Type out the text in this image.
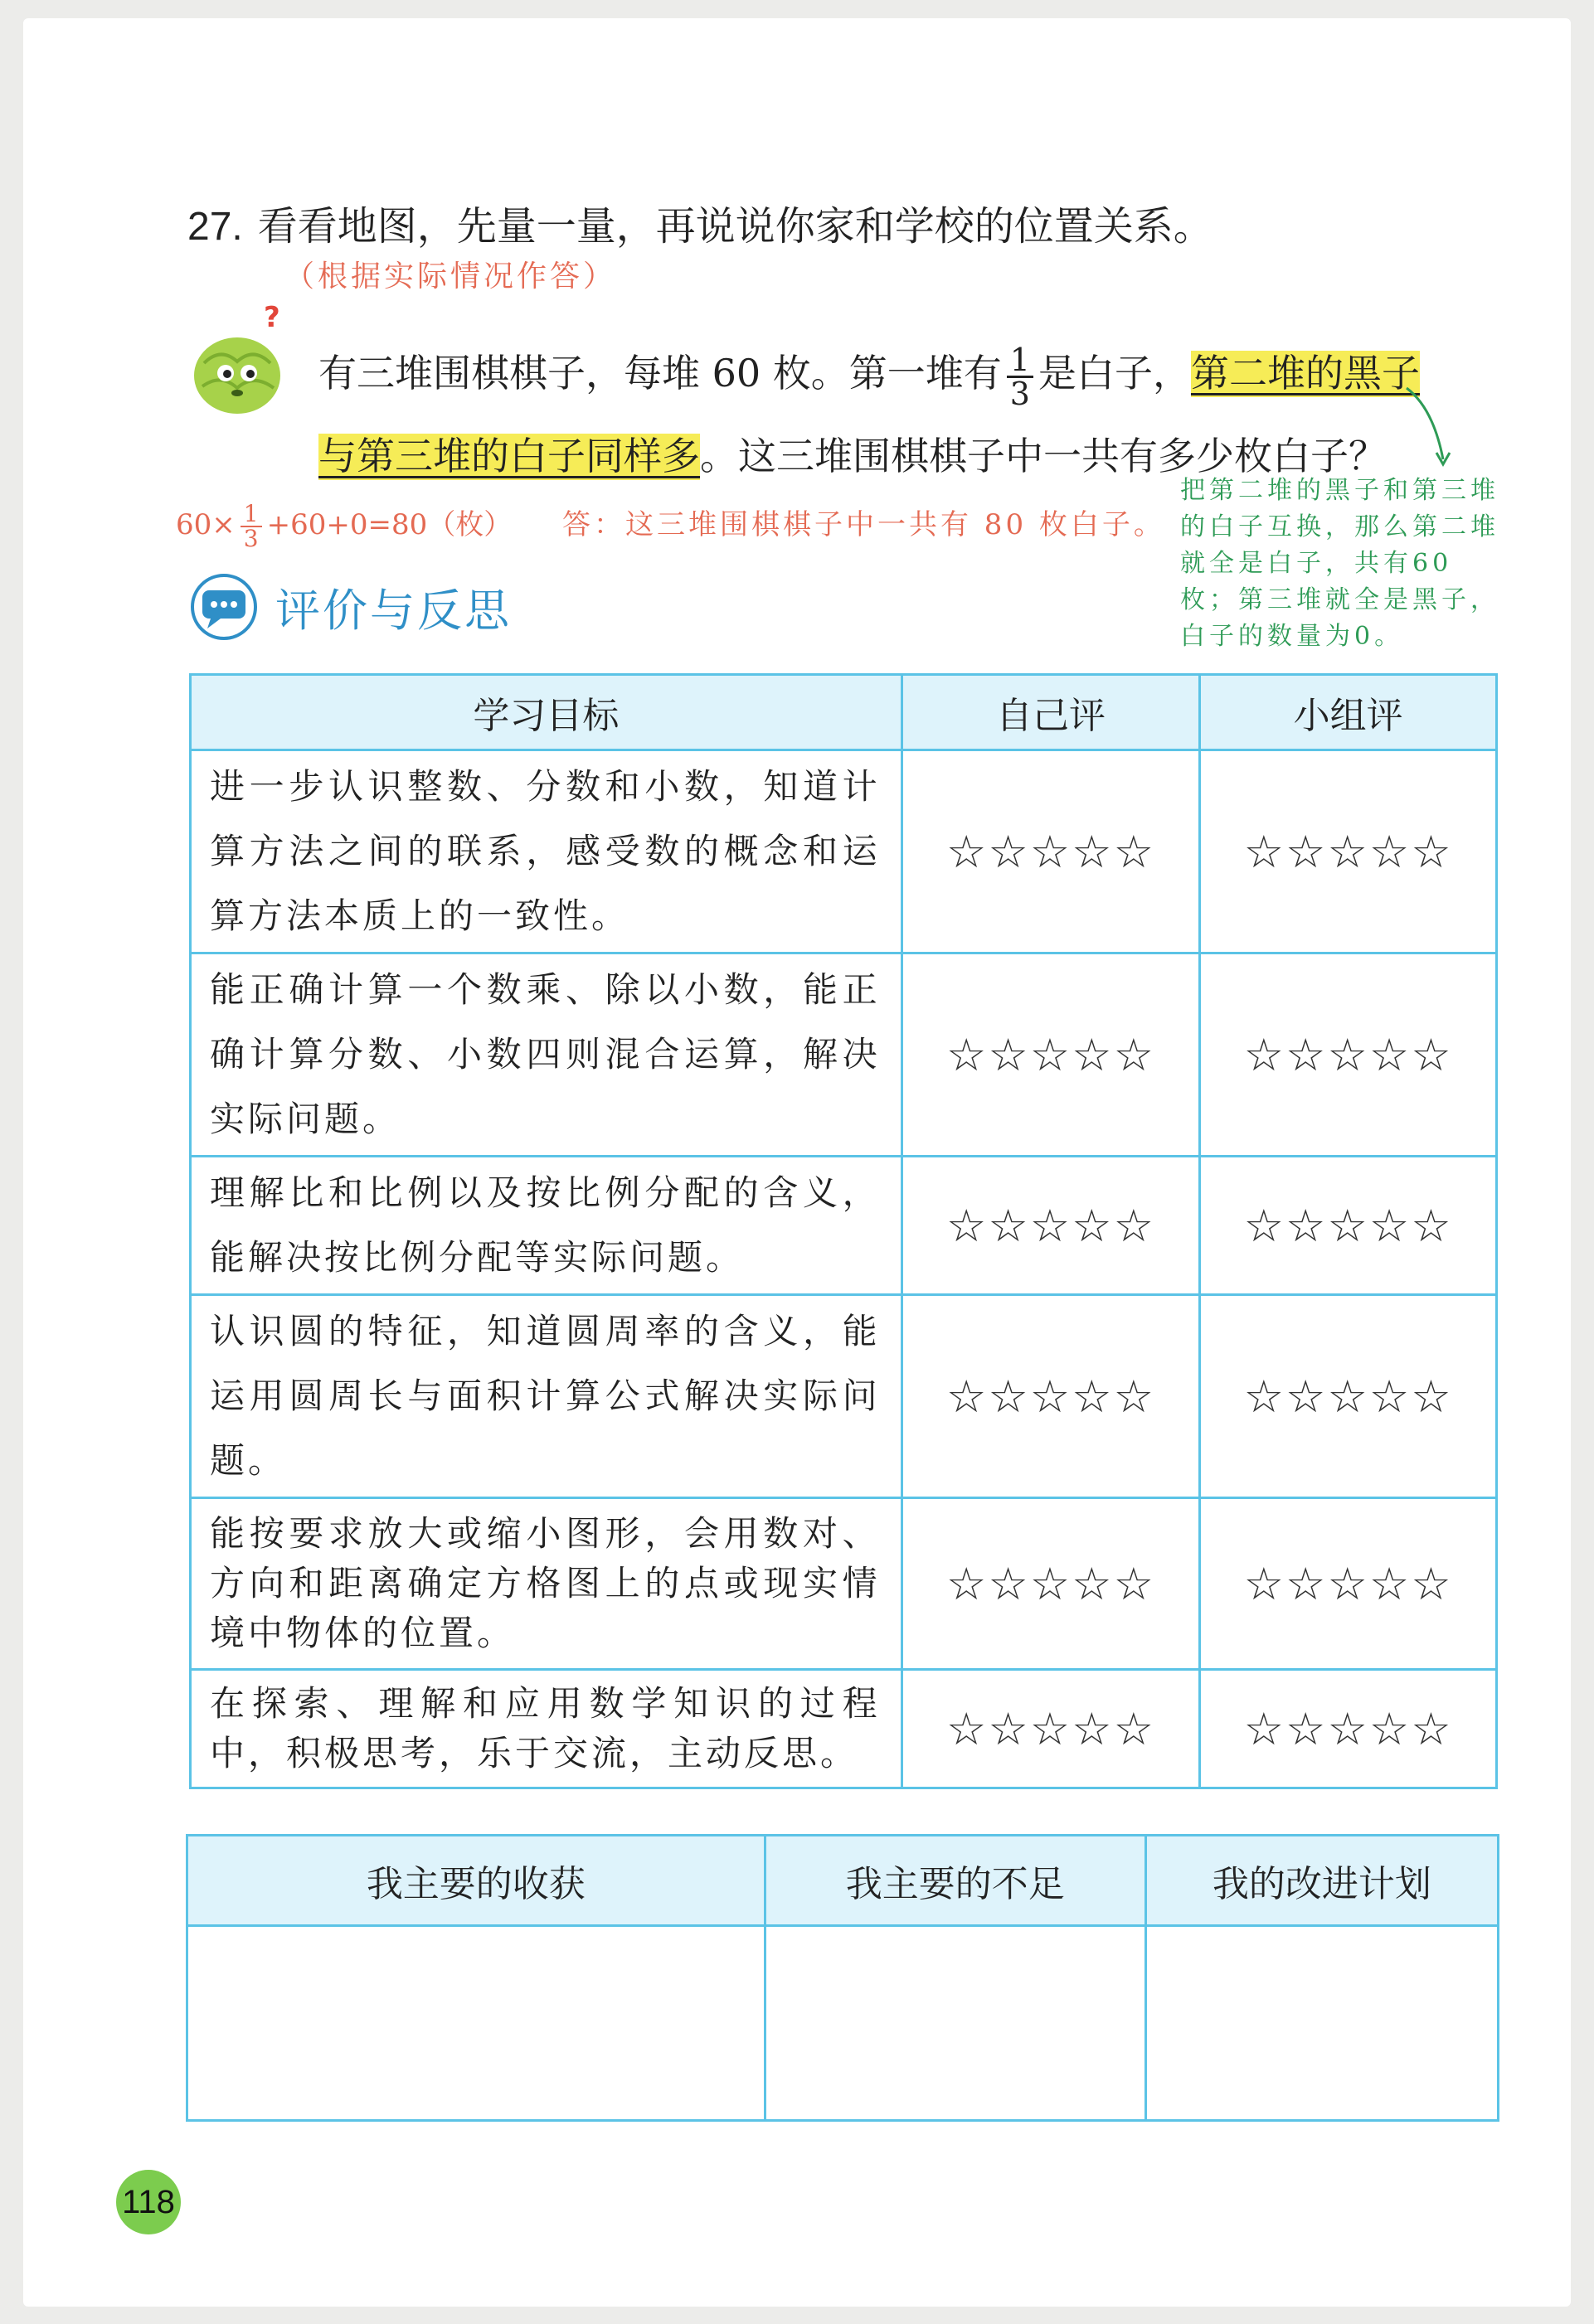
27. 看看地图，先量一量，再说说你家和学校的位置关系。
（根据实际情况作答）
?
有三堆围棋棋子，每堆 60 枚。第一堆有 $\frac{1}{3}$ 是白子，第二堆的黑子
与第三堆的白子同样多。这三堆围棋棋子中一共有多少枚白子？
$60\times \frac{1}{3} +60+0=80$（枚） 答：这三堆围棋棋子中一共有 80 枚白子。
把第二堆的黑子和第三堆的白子互换，那么第二堆就全是白子，共有60枚；第三堆就全是黑子，白子的数量为0。
评价与反思
学习目标	自己评	小组评
进一步认识整数、分数和小数，知道计算方法之间的联系，感受数的概念和运算方法本质上的一致性。	☆☆☆☆☆	☆☆☆☆☆
能正确计算一个数乘、除以小数，能正确计算分数、小数四则混合运算，解决实际问题。	☆☆☆☆☆	☆☆☆☆☆
理解比和比例以及按比例分配的含义，能解决按比例分配等实际问题。	☆☆☆☆☆	☆☆☆☆☆
认识圆的特征，知道圆周率的含义，能运用圆周长与面积计算公式解决实际问题。	☆☆☆☆☆	☆☆☆☆☆
能按要求放大或缩小图形，会用数对、方向和距离确定方格图上的点或现实情境中物体的位置。	☆☆☆☆☆	☆☆☆☆☆
在探索、理解和应用数学知识的过程中，积极思考，乐于交流，主动反思。	☆☆☆☆☆	☆☆☆☆☆
我主要的收获	我主要的不足	我的改进计划

118
